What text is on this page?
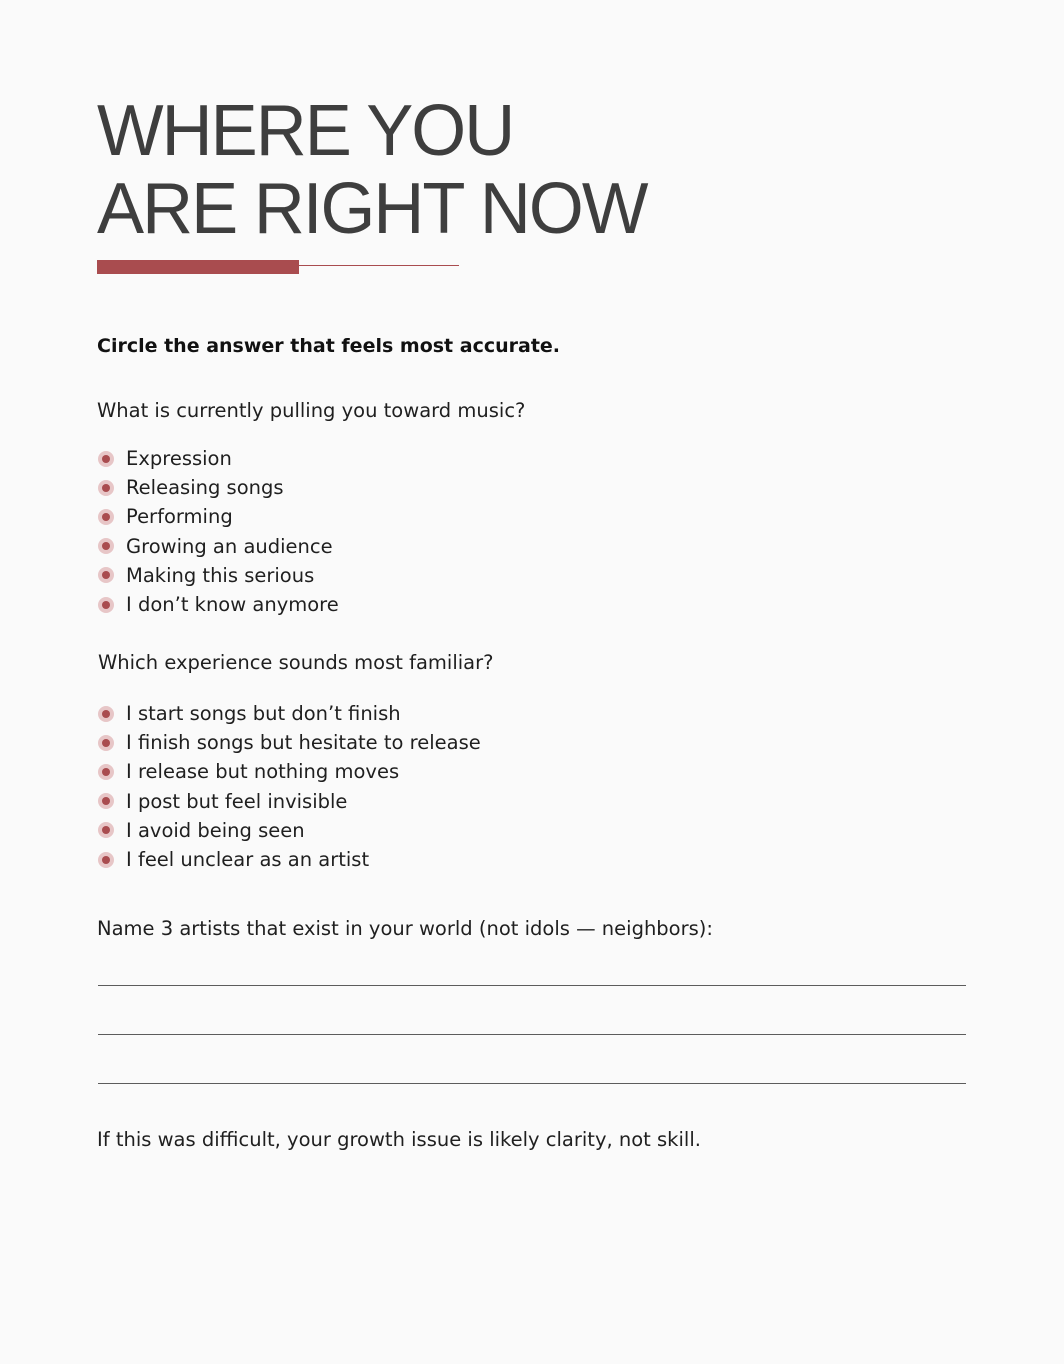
WHERE YOU
ARE RIGHT NOW

Circle the answer that feels most accurate.

What is currently pulling you toward music?

Expression
Releasing songs
Performing
Growing an audience
Making this serious
I don’t know anymore

Which experience sounds most familiar?

I start songs but don’t finish
I finish songs but hesitate to release
I release but nothing moves
I post but feel invisible
I avoid being seen
I feel unclear as an artist

Name 3 artists that exist in your world (not idols — neighbors):

If this was difficult, your growth issue is likely clarity, not skill.
